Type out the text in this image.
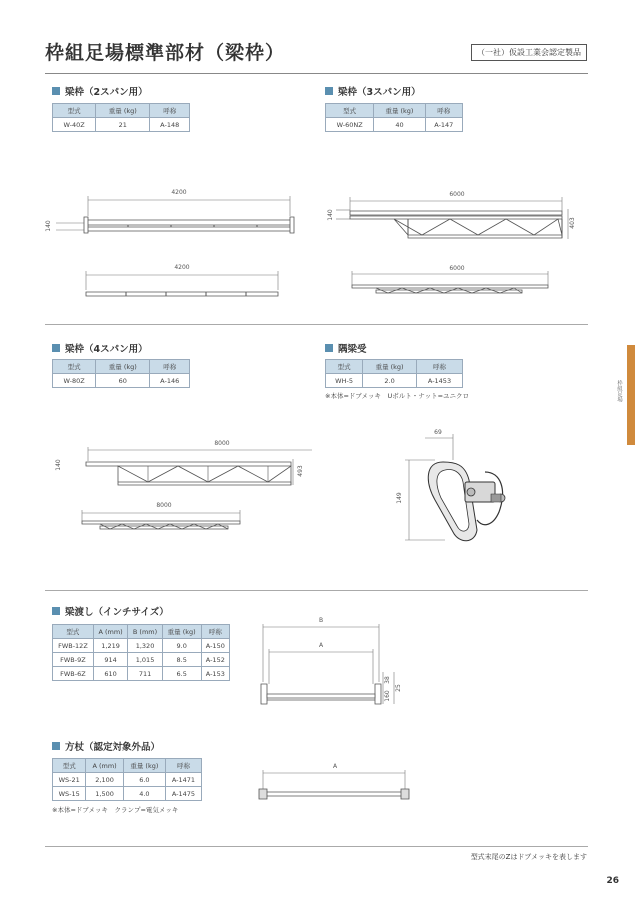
枠組足場標準部材（梁枠）	（一社）仮設工業会認定製品
枠組足場
梁枠（2スパン用）
型式	重量 (kg)	呼称
W-40Z	21	A-148
4200
140
4200
梁枠（3スパン用）
型式	重量 (kg)	呼称
W-60NZ	40	A-147
6000
140
403
6000
梁枠（4スパン用）
型式	重量 (kg)	呼称
W-80Z	60	A-146
8000
140
493
8000
隅梁受
型式	重量 (kg)	呼称
WH-5	2.0	A-1453
※本体=ドブメッキ　Uボルト・ナット=ユニクロ
69
149
梁渡し（インチサイズ）
型式	A (mm)	B (mm)	重量 (kg)	呼称
FWB-12Z	1,219	1,320	9.0	A-150
FWB-9Z	914	1,015	8.5	A-152
FWB-6Z	610	711	6.5	A-153
B
A
160
38
25
方杖（認定対象外品）
型式	A (mm)	重量 (kg)	呼称
WS-21	2,100	6.0	A-1471
WS-15	1,500	4.0	A-1475
※本体=ドブメッキ　クランプ=電気メッキ
A
型式末尾のZはドブメッキを表します
26
